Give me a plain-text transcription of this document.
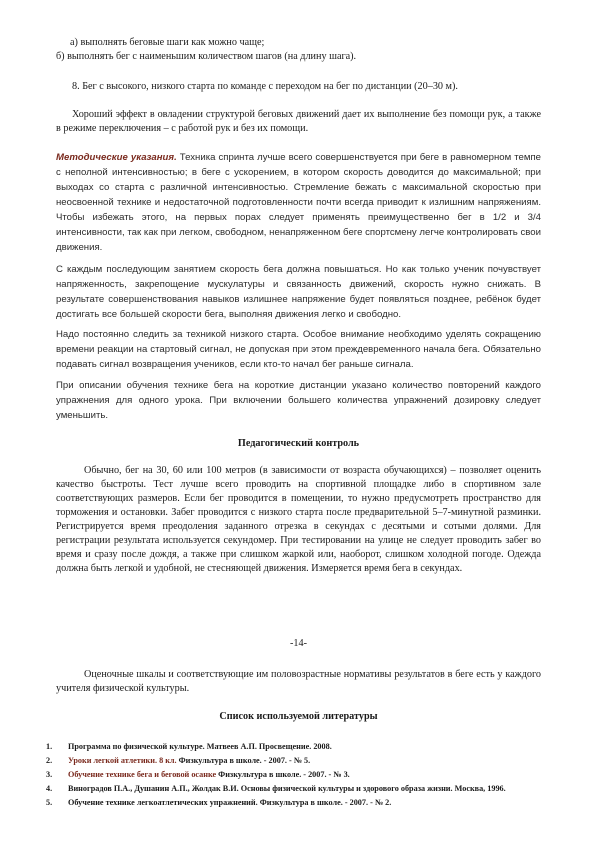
а) выполнять беговые шаги как можно чаще;
б) выполнять бег с наименьшим количеством шагов (на длину шага).

8. Бег с высокого, низкого старта по команде с переходом на бег по дистанции (20–30 м).

Хороший эффект в овладении структурой беговых движений дает их выполнение без помощи рук, а также в режиме переключения – с работой рук и без их помощи.

Методические указания. Техника спринта лучше всего совершенствуется при беге в равномерном темпе с неполной интенсивностью; в беге с ускорением, в котором скорость доводится до максимальной; при выходах со старта с различной интенсивностью. Стремление бежать с максимальной скоростью при неосвоенной технике и недостаточной подготовленности почти всегда приводит к излишним напряжениям. Чтобы избежать этого, на первых порах следует применять преимущественно бег в 1/2 и 3/4 интенсивности, так как при легком, свободном, ненапряженном беге спортсмену легче контролировать свои движения.

С каждым последующим занятием скорость бега должна повышаться. Но как только ученик почувствует напряженность, закрепощение мускулатуры и связанность движений, скорость нужно снижать. В результате совершенствования навыков излишнее напряжение будет появляться позднее, ребёнок будет достигать все большей скорости бега, выполняя движения легко и свободно.

Надо постоянно следить за техникой низкого старта. Особое внимание необходимо уделять сокращению времени реакции на стартовый сигнал, не допуская при этом преждевременного начала бега. Обязательно подавать сигнал возвращения учеников, если кто-то начал бег раньше сигнала.

При описании обучения технике бега на короткие дистанции указано количество повторений каждого упражнения для одного урока. При включении большего количества упражнений дозировку следует уменьшить.

Педагогический контроль

Обычно, бег на 30, 60 или 100 метров (в зависимости от возраста обучающихся) – позволяет оценить качество быстроты. Тест лучше всего проводить на спортивной площадке либо в спортивном зале соответствующих размеров. Если бег проводится в помещении, то нужно предусмотреть пространство для торможения и остановки. Забег проводится с низкого старта после предварительной 5–7-минутной разминки. Регистрируется время преодоления заданного отрезка в секундах с десятыми и сотыми долями. Для регистрации результата используется секундомер. При тестировании на улице не следует проводить забег во время и сразу после дождя, а также при слишком жаркой или, наоборот, слишком холодной погоде. Одежда должна быть легкой и удобной, не стесняющей движения. Измеряется время бега в секундах.

-14-

Оценочные шкалы и соответствующие им половозрастные нормативы результатов в беге есть у каждого учителя физической культуры.

Список используемой литературы

1.	Программа по физической культуре. Матвеев А.П. Просвещение. 2008.
2.	Уроки легкой атлетики. 8 кл. Физкультура в школе. - 2007. - № 5.
3.	Обучение технике бега и беговой осанке Физкультура в школе. - 2007. - № 3.
4.	Виноградов П.А., Душанин А.П., Жолдак В.И. Основы физической культуры и здорового образа жизни. Москва, 1996.
5.	Обучение технике легкоатлетических упражнений. Физкультура в школе. - 2007. - № 2.
